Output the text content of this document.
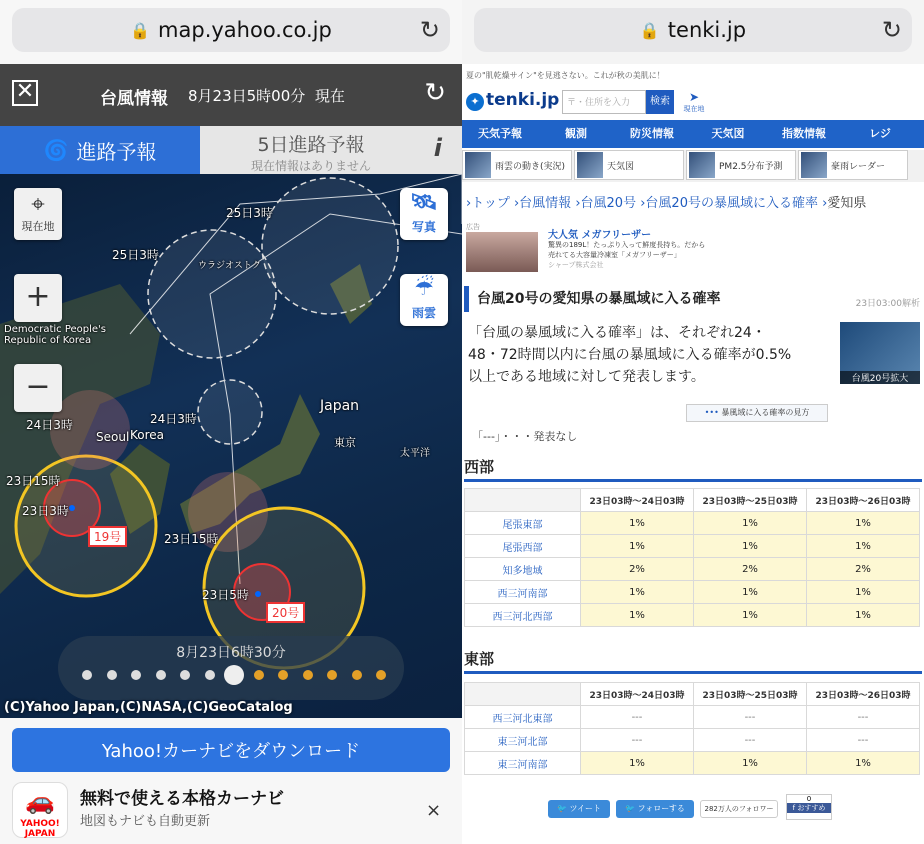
🔒 map.yahoo.co.jp	↻
✕	台風情報 8月23日5時00分 現在	↻
🌀 進路予報	5日進路予報
現在情報はありません
i
⌖
現在地
+
−
🛰
写真
☔
雨雲
25日3時
25日3時
ウラジオストク
24日3時
24日3時
23日15時
23日3時
23日15時
23日5時
Seoul Korea
Japan
東京
太平洋
Democratic People's Republic of Korea
19号
20号
8月23日6時30分
(C)Yahoo Japan,(C)NASA,(C)GeoCatalog
Yahoo!カーナビをダウンロード
🚗
YAHOO! JAPAN
無料で使える本格カーナビ
地図もナビも自動更新
×
🔒 tenki.jp	↻
夏の"肌乾燥サイン"を見逃さない。これが秋の美肌に！
✦ tenki.jp 〒・住所を入力	検索	➤
現在地
天気予報	観測	防災情報	天気図	指数情報	レジ
雨雲の動き(実況)	天気図	PM2.5分布予測	豪雨レーダー
›トップ ›台風情報 ›台風20号 ›台風20号の暴風域に入る確率 ›愛知県
広告
大人気 メガフリーザー
驚異の189L！たっぷり入って鮮度長持ち。だから売れてる大容量冷凍室「メガフリーザー」
シャープ株式会社
台風20号の愛知県の暴風域に入る確率	23日03:00解析
「台風の暴風域に入る確率」は、それぞれ24・48・72時間以内に台風の暴風域に入る確率が0.5%以上である地域に対して発表します。	台風20号拡大
••• 暴風域に入る確率の見方
「---」・・・発表なし
西部
	23日03時〜24日03時	23日03時〜25日03時	23日03時〜26日03時
尾張東部	1%	1%	1%
尾張西部	1%	1%	1%
知多地域	2%	2%	2%
西三河南部	1%	1%	1%
西三河北西部	1%	1%	1%
東部
	23日03時〜24日03時	23日03時〜25日03時	23日03時〜26日03時
西三河北東部	---	---	---
東三河北部	---	---	---
東三河南部	1%	1%	1%
🐦 ツイート	🐦 フォローする	282万人のフォロワー
0
f おすすめ
